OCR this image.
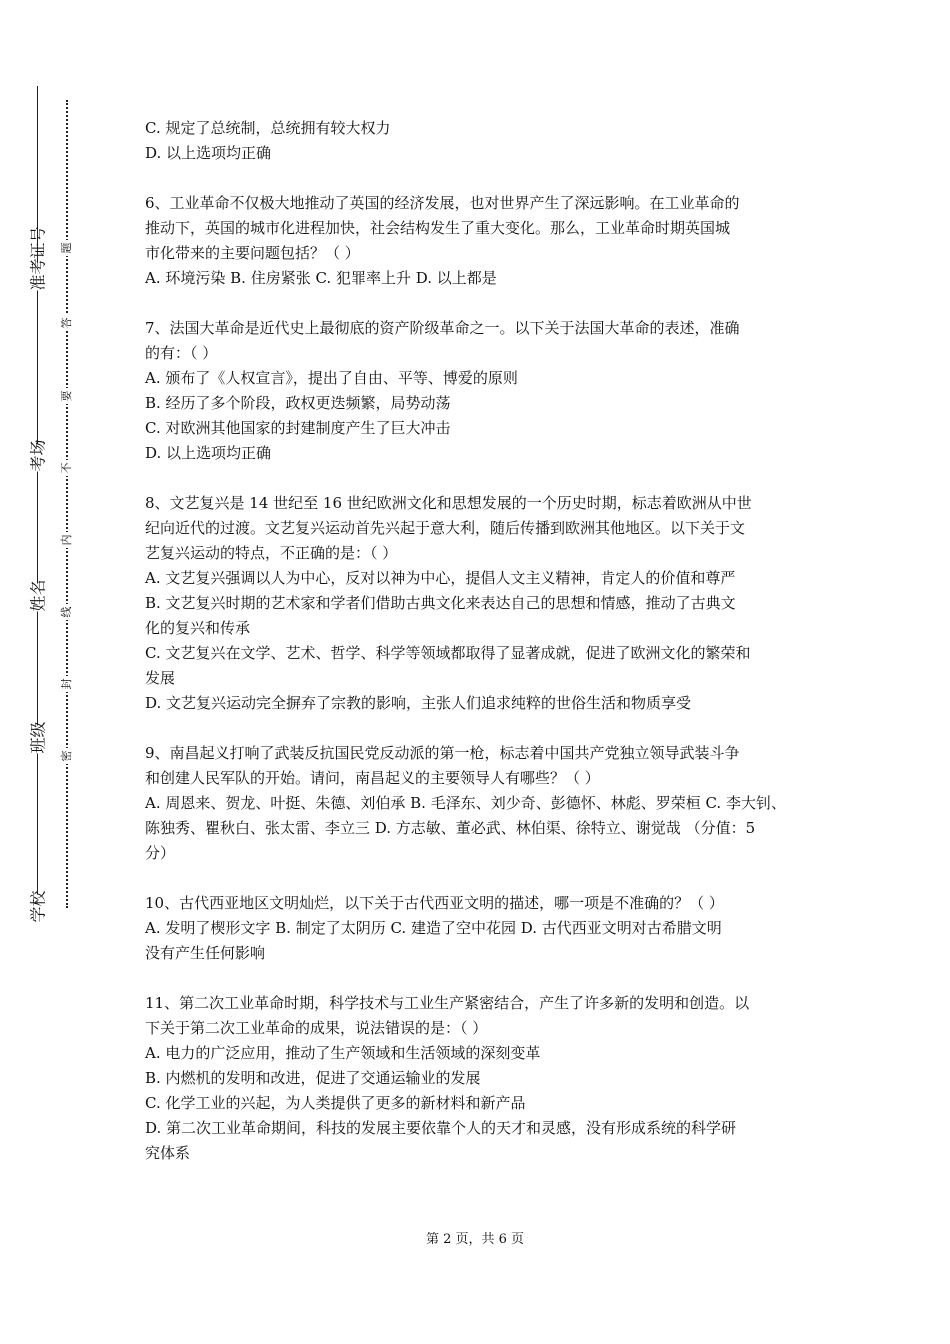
准考证号
考场
姓名
班级
学校
题
答
要
不
内
线
封
密

C. 规定了总统制，总统拥有较大权力

D. 以上选项均正确

6、工业革命不仅极大地推动了英国的经济发展，也对世界产生了深远影响。在工业革命的

推动下，英国的城市化进程加快，社会结构发生了重大变化。那么，工业革命时期英国城

市化带来的主要问题包括？（ ）

A. 环境污染 B. 住房紧张 C. 犯罪率上升 D. 以上都是

7、法国大革命是近代史上最彻底的资产阶级革命之一。以下关于法国大革命的表述，准确

的有：（ ）

A. 颁布了《人权宣言》，提出了自由、平等、博爱的原则

B. 经历了多个阶段，政权更迭频繁，局势动荡

C. 对欧洲其他国家的封建制度产生了巨大冲击

D. 以上选项均正确

8、文艺复兴是 14 世纪至 16 世纪欧洲文化和思想发展的一个历史时期，标志着欧洲从中世

纪向近代的过渡。文艺复兴运动首先兴起于意大利，随后传播到欧洲其他地区。以下关于文

艺复兴运动的特点，不正确的是：（ ）

A. 文艺复兴强调以人为中心，反对以神为中心，提倡人文主义精神，肯定人的价值和尊严

B. 文艺复兴时期的艺术家和学者们借助古典文化来表达自己的思想和情感，推动了古典文

化的复兴和传承

C. 文艺复兴在文学、艺术、哲学、科学等领域都取得了显著成就，促进了欧洲文化的繁荣和

发展

D. 文艺复兴运动完全摒弃了宗教的影响，主张人们追求纯粹的世俗生活和物质享受

9、南昌起义打响了武装反抗国民党反动派的第一枪，标志着中国共产党独立领导武装斗争

和创建人民军队的开始。请问，南昌起义的主要领导人有哪些？（ ）

A. 周恩来、贺龙、叶挺、朱德、刘伯承 B. 毛泽东、刘少奇、彭德怀、林彪、罗荣桓 C. 李大钊、

陈独秀、瞿秋白、张太雷、李立三 D. 方志敏、董必武、林伯渠、徐特立、谢觉哉 （分值：5

分）

10、古代西亚地区文明灿烂，以下关于古代西亚文明的描述，哪一项是不准确的？（ ）

A. 发明了楔形文字 B. 制定了太阴历 C. 建造了空中花园 D. 古代西亚文明对古希腊文明

没有产生任何影响

11、第二次工业革命时期，科学技术与工业生产紧密结合，产生了许多新的发明和创造。以

下关于第二次工业革命的成果，说法错误的是：（ ）

A. 电力的广泛应用，推动了生产领域和生活领域的深刻变革

B. 内燃机的发明和改进，促进了交通运输业的发展

C. 化学工业的兴起，为人类提供了更多的新材料和新产品

D. 第二次工业革命期间，科技的发展主要依靠个人的天才和灵感，没有形成系统的科学研

究体系

第 2 页，共 6 页
